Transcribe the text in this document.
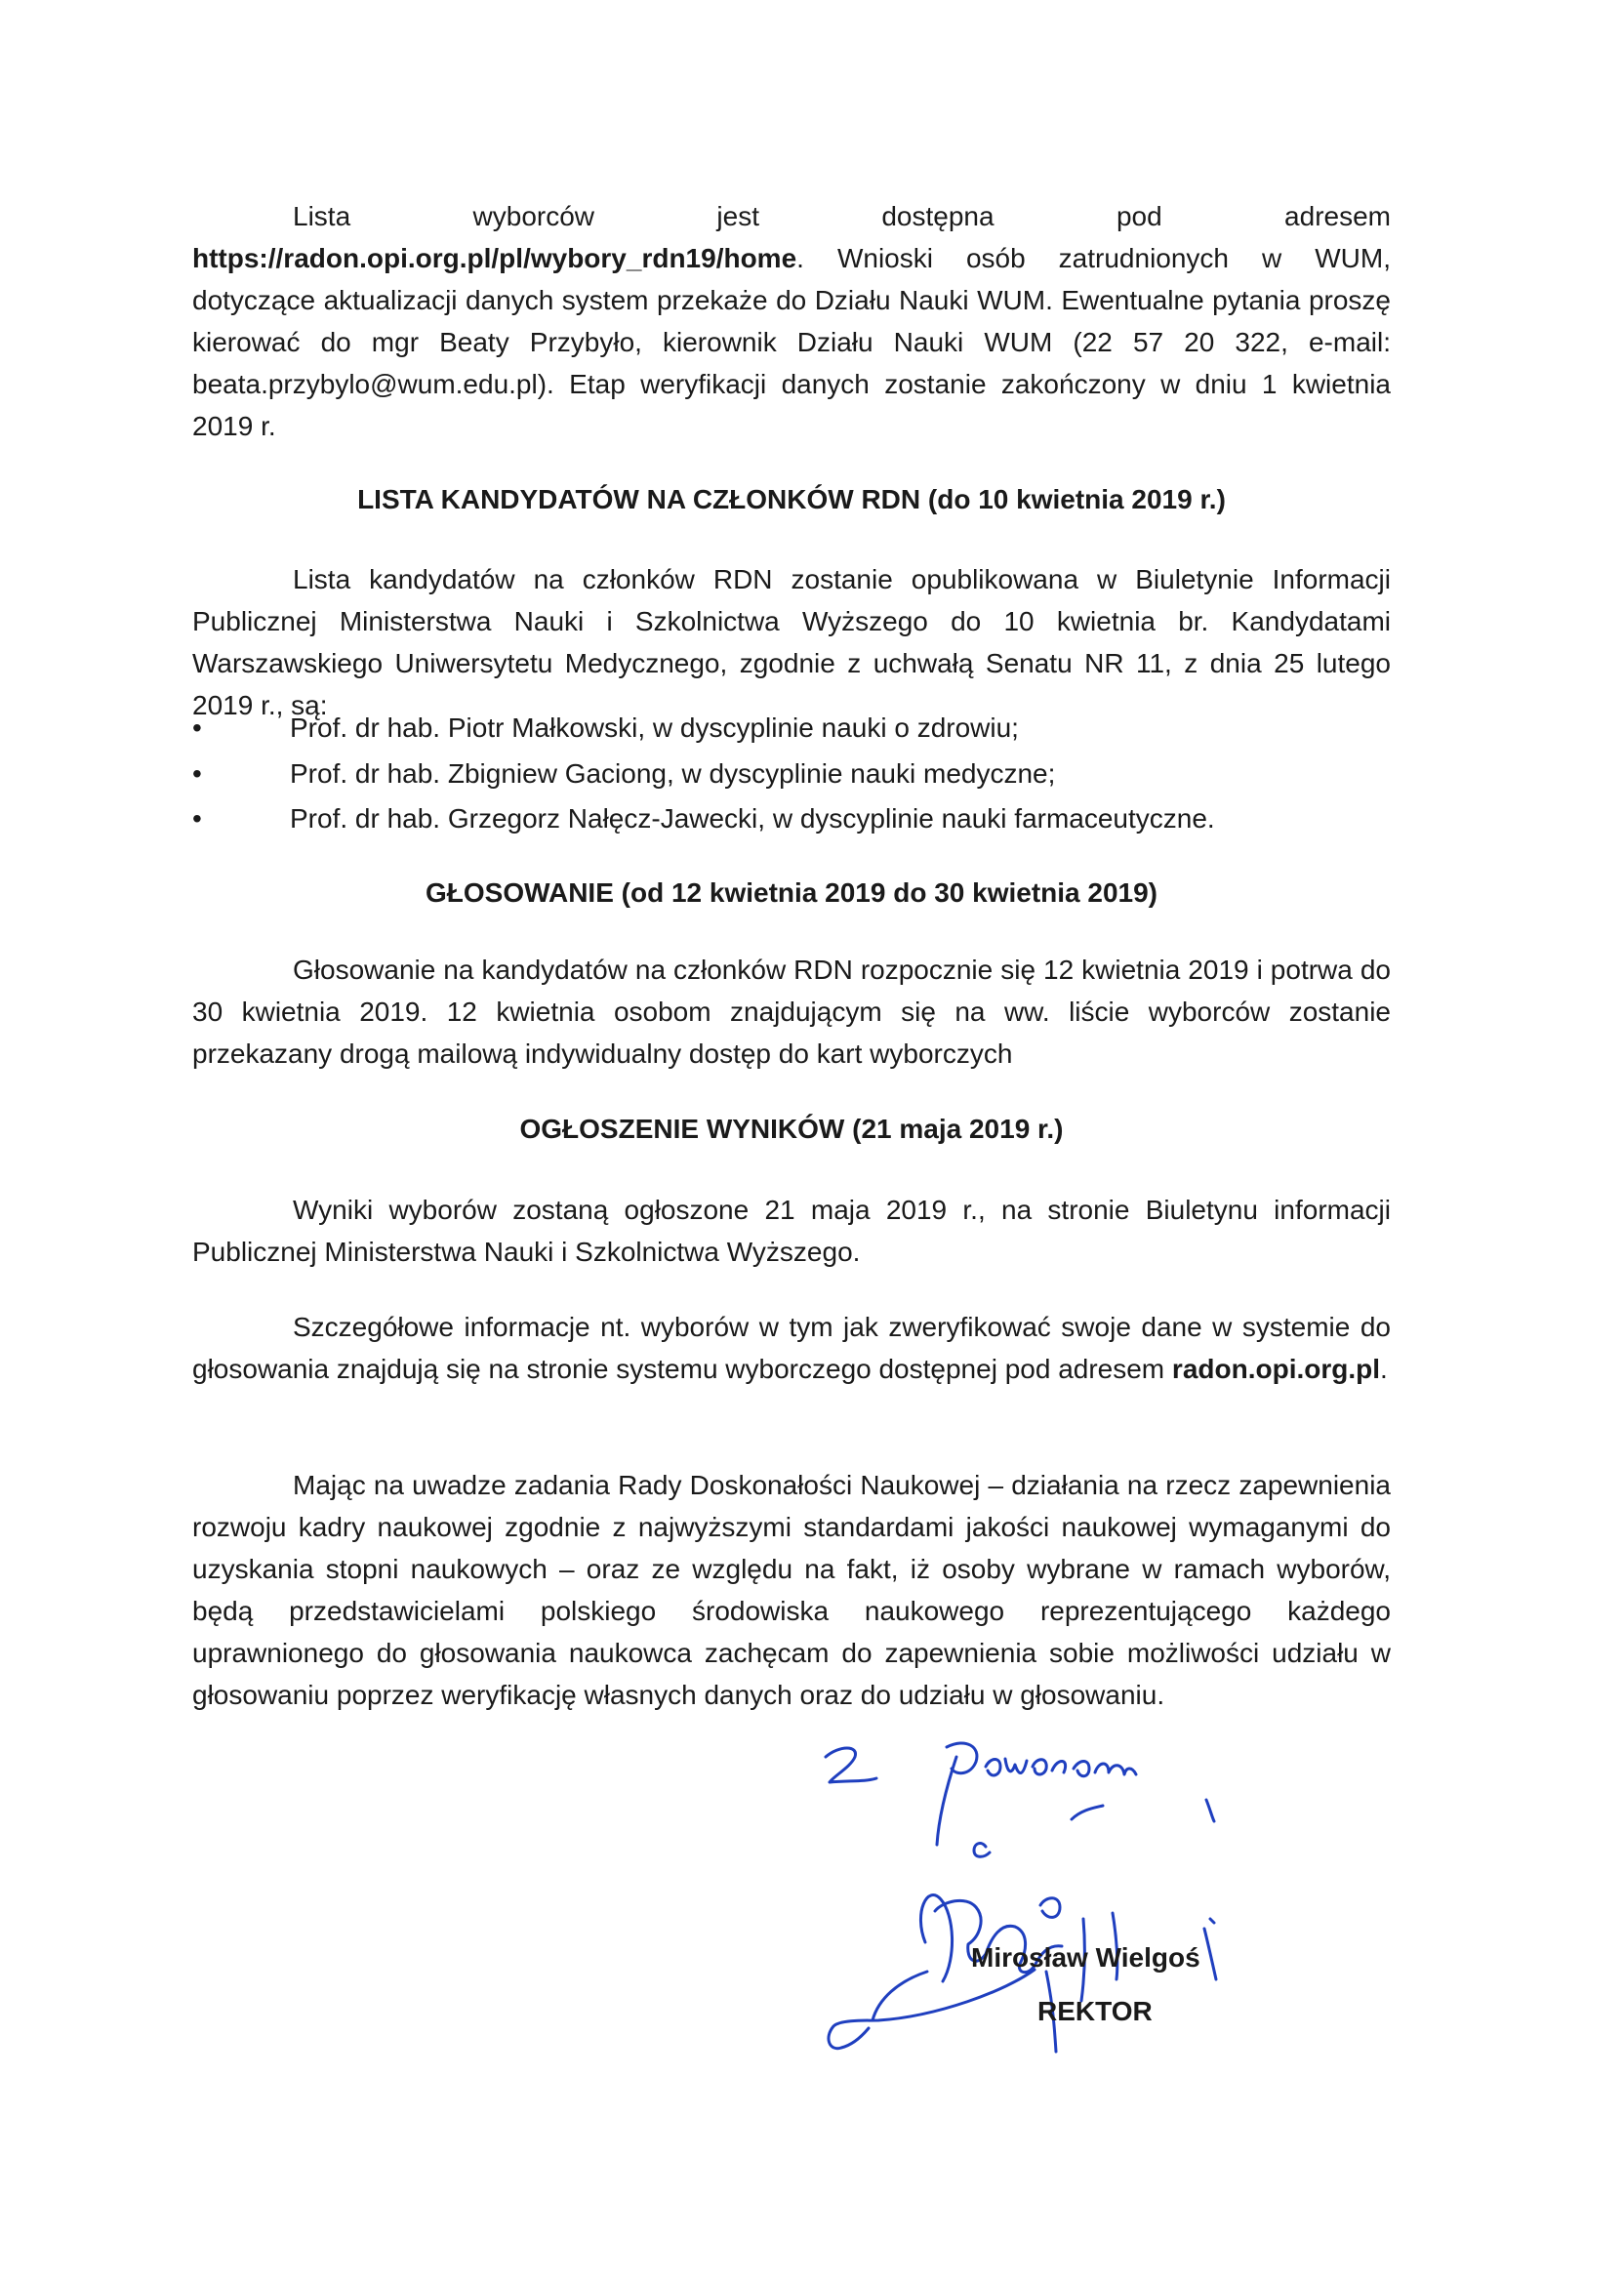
Lista wyborców jest dostępna pod adresem https://radon.opi.org.pl/pl/wybory_rdn19/home. Wnioski osób zatrudnionych w WUM, dotyczące aktualizacji danych system przekaże do Działu Nauki WUM. Ewentualne pytania proszę kierować do mgr Beaty Przybyło, kierownik Działu Nauki WUM (22 57 20 322, e-mail: beata.przybylo@wum.edu.pl). Etap weryfikacji danych zostanie zakończony w dniu 1 kwietnia 2019 r.

LISTA KANDYDATÓW NA CZŁONKÓW RDN (do 10 kwietnia 2019 r.)

Lista kandydatów na członków RDN zostanie opublikowana w Biuletynie Informacji Publicznej Ministerstwa Nauki i Szkolnictwa Wyższego do 10 kwietnia br. Kandydatami Warszawskiego Uniwersytetu Medycznego, zgodnie z uchwałą Senatu NR 11, z dnia 25 lutego 2019 r., są:

•	Prof. dr hab. Piotr Małkowski, w dyscyplinie nauki o zdrowiu;
•	Prof. dr hab. Zbigniew Gaciong, w dyscyplinie nauki medyczne;
•	Prof. dr hab. Grzegorz Nałęcz-Jawecki, w dyscyplinie nauki farmaceutyczne.
GŁOSOWANIE (od 12 kwietnia 2019 do 30 kwietnia 2019)

Głosowanie na kandydatów na członków RDN rozpocznie się 12 kwietnia 2019 i potrwa do 30 kwietnia 2019. 12 kwietnia osobom znajdującym się na ww. liście wyborców zostanie przekazany drogą mailową indywidualny dostęp do kart wyborczych

OGŁOSZENIE WYNIKÓW (21 maja 2019 r.)

Wyniki wyborów zostaną ogłoszone 21 maja 2019 r., na stronie Biuletynu informacji Publicznej Ministerstwa Nauki i Szkolnictwa Wyższego.

Szczegółowe informacje nt. wyborów w tym jak zweryfikować swoje dane w systemie do głosowania znajdują się na stronie systemu wyborczego dostępnej pod adresem radon.opi.org.pl.

Mając na uwadze zadania Rady Doskonałości Naukowej – działania na rzecz zapewnienia rozwoju kadry naukowej zgodnie z najwyższymi standardami jakości naukowej wymaganymi do uzyskania stopni naukowych – oraz ze względu na fakt, iż osoby wybrane w ramach wyborów, będą przedstawicielami polskiego środowiska naukowego reprezentującego każdego uprawnionego do głosowania naukowca zachęcam do zapewnienia sobie możliwości udziału w głosowaniu poprzez weryfikację własnych danych oraz do udziału w głosowaniu.

Mirosław Wielgoś
REKTOR
